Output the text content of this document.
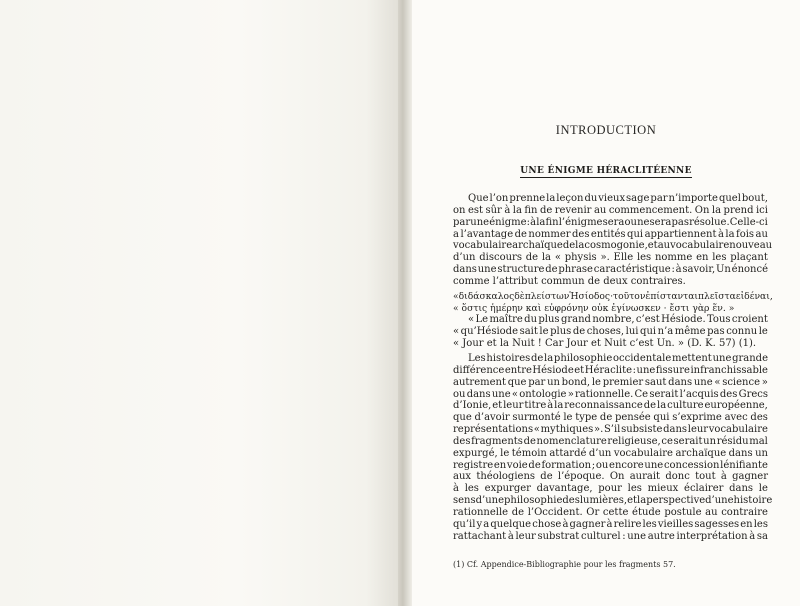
INTRODUCTION
UNE ÉNIGME HÉRACLITÉENNE
Que l’on prenne la leçon du vieux sage par n’importe quel bout,
on est sûr à la fin de revenir au commencement. On la prend ici
par une énigme : à la fin l’énigme sera ou ne sera pas résolue. Celle-ci
a l’avantage de nommer des entités qui appartiennent à la fois au
vocabulaire archaïque de la cosmogonie, et au vocabulaire nouveau
d’un discours de la « physis ». Elle les nomme en les plaçant
dans une structure de phrase caractéristique : à savoir, Un énoncé
comme l’attribut commun de deux contraires.
« διδάσκαλος δὲ πλείστων Ἡσίοδος · τοῦτον ἐπίστανται πλεῖστα εἰδέναι,
« ὅστις ἡμέρην καὶ εὐφρόνην οὐκ ἐγίνωσκεν · ἔστι γὰρ ἕν. »
« Le maître du plus grand nombre, c’est Hésiode. Tous croient
« qu’Hésiode sait le plus de choses, lui qui n’a même pas connu le
« Jour et la Nuit ! Car Jour et Nuit c’est Un. » (D. K. 57) (1).
Les histoires de la philosophie occidentale mettent une grande
différence entre Hésiode et Héraclite : une fissure infranchissable
autrement que par un bond, le premier saut dans une « science »
ou dans une « ontologie » rationnelle. Ce serait l’acquis des Grecs
d’Ionie, et leur titre à la reconnaissance de la culture européenne,
que d’avoir surmonté le type de pensée qui s’exprime avec des
représentations « mythiques ». S’il subsiste dans leur vocabulaire
des fragments de nomenclature religieuse, ce serait un résidu mal
expurgé, le témoin attardé d’un vocabulaire archaïque dans un
registre en voie de formation ; ou encore une concession lénifiante
aux théologiens de l’époque. On aurait donc tout à gagner
à les expurger davantage, pour les mieux éclairer dans le
sens d’une philosophie des lumières, et la perspective d’une histoire
rationnelle de l’Occident. Or cette étude postule au contraire
qu’il y a quelque chose à gagner à relire les vieilles sagesses en les
rattachant à leur substrat culturel : une autre interprétation à sa
(1) Cf. Appendice-Bibliographie pour les fragments 57.
